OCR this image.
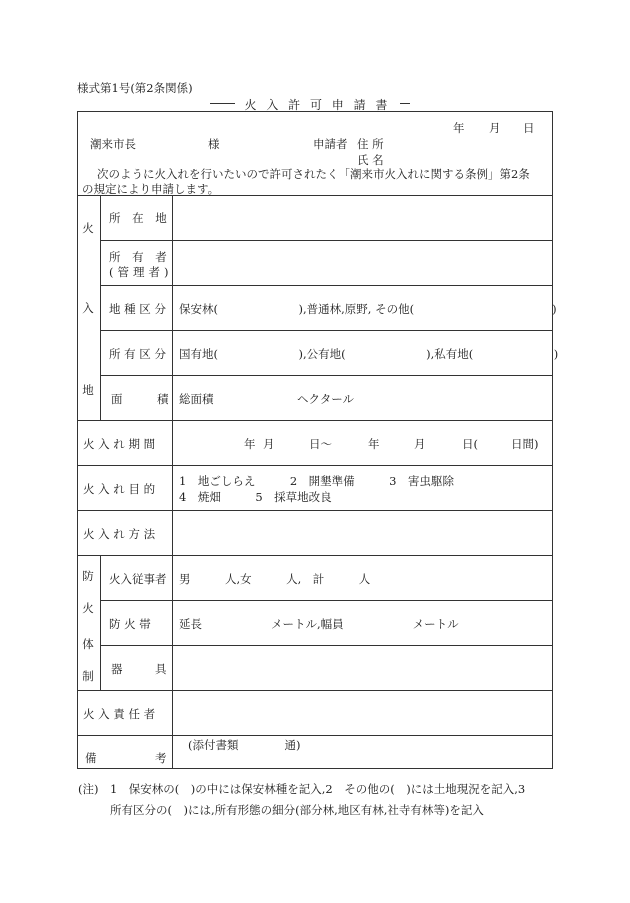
様式第1号(第2条関係)
火 入 許 可 申 請 書
年 月 日
潮来市長	様	申請者 住 所
氏 名
次のように火入れを行いたいので許可されたく「潮来市火入れに関する条例」第2条
の規定により申請します。
火
入
地
所 在 地
所 有 者
(管理者)
地 種 区 分 保安林(　　　　　　　),普通林,原野, その他(　　　　　　　　　　　　)
所 有 区 分 国有地(　　　　　　　),公有地(　　　　　　　),私有地(　　　　　　　)
面	積 総面積	ヘクタール
火 入 れ 期 間	年 月	日〜	年	月	日(	日間)
火 入 れ 目 的
1　地ごしらえ　　　2　開墾準備　　　3　害虫駆除
4　焼畑　　　5　採草地改良
火 入 れ 方 法
防
火
体
制
火入従事者 男　　　人,女　　　人,　計　　　人
防 火 帯 延長　　　　　　メートル,幅員　　　　　　メートル
器	具
火 入 責 任 者
備	考
(添付書類　　　　通)
(注)　1　保安林の(　)の中には保安林種を記入,2　その他の(　)には土地現況を記入,3
所有区分の(　)には,所有形態の細分(部分林,地区有林,社寺有林等)を記入
